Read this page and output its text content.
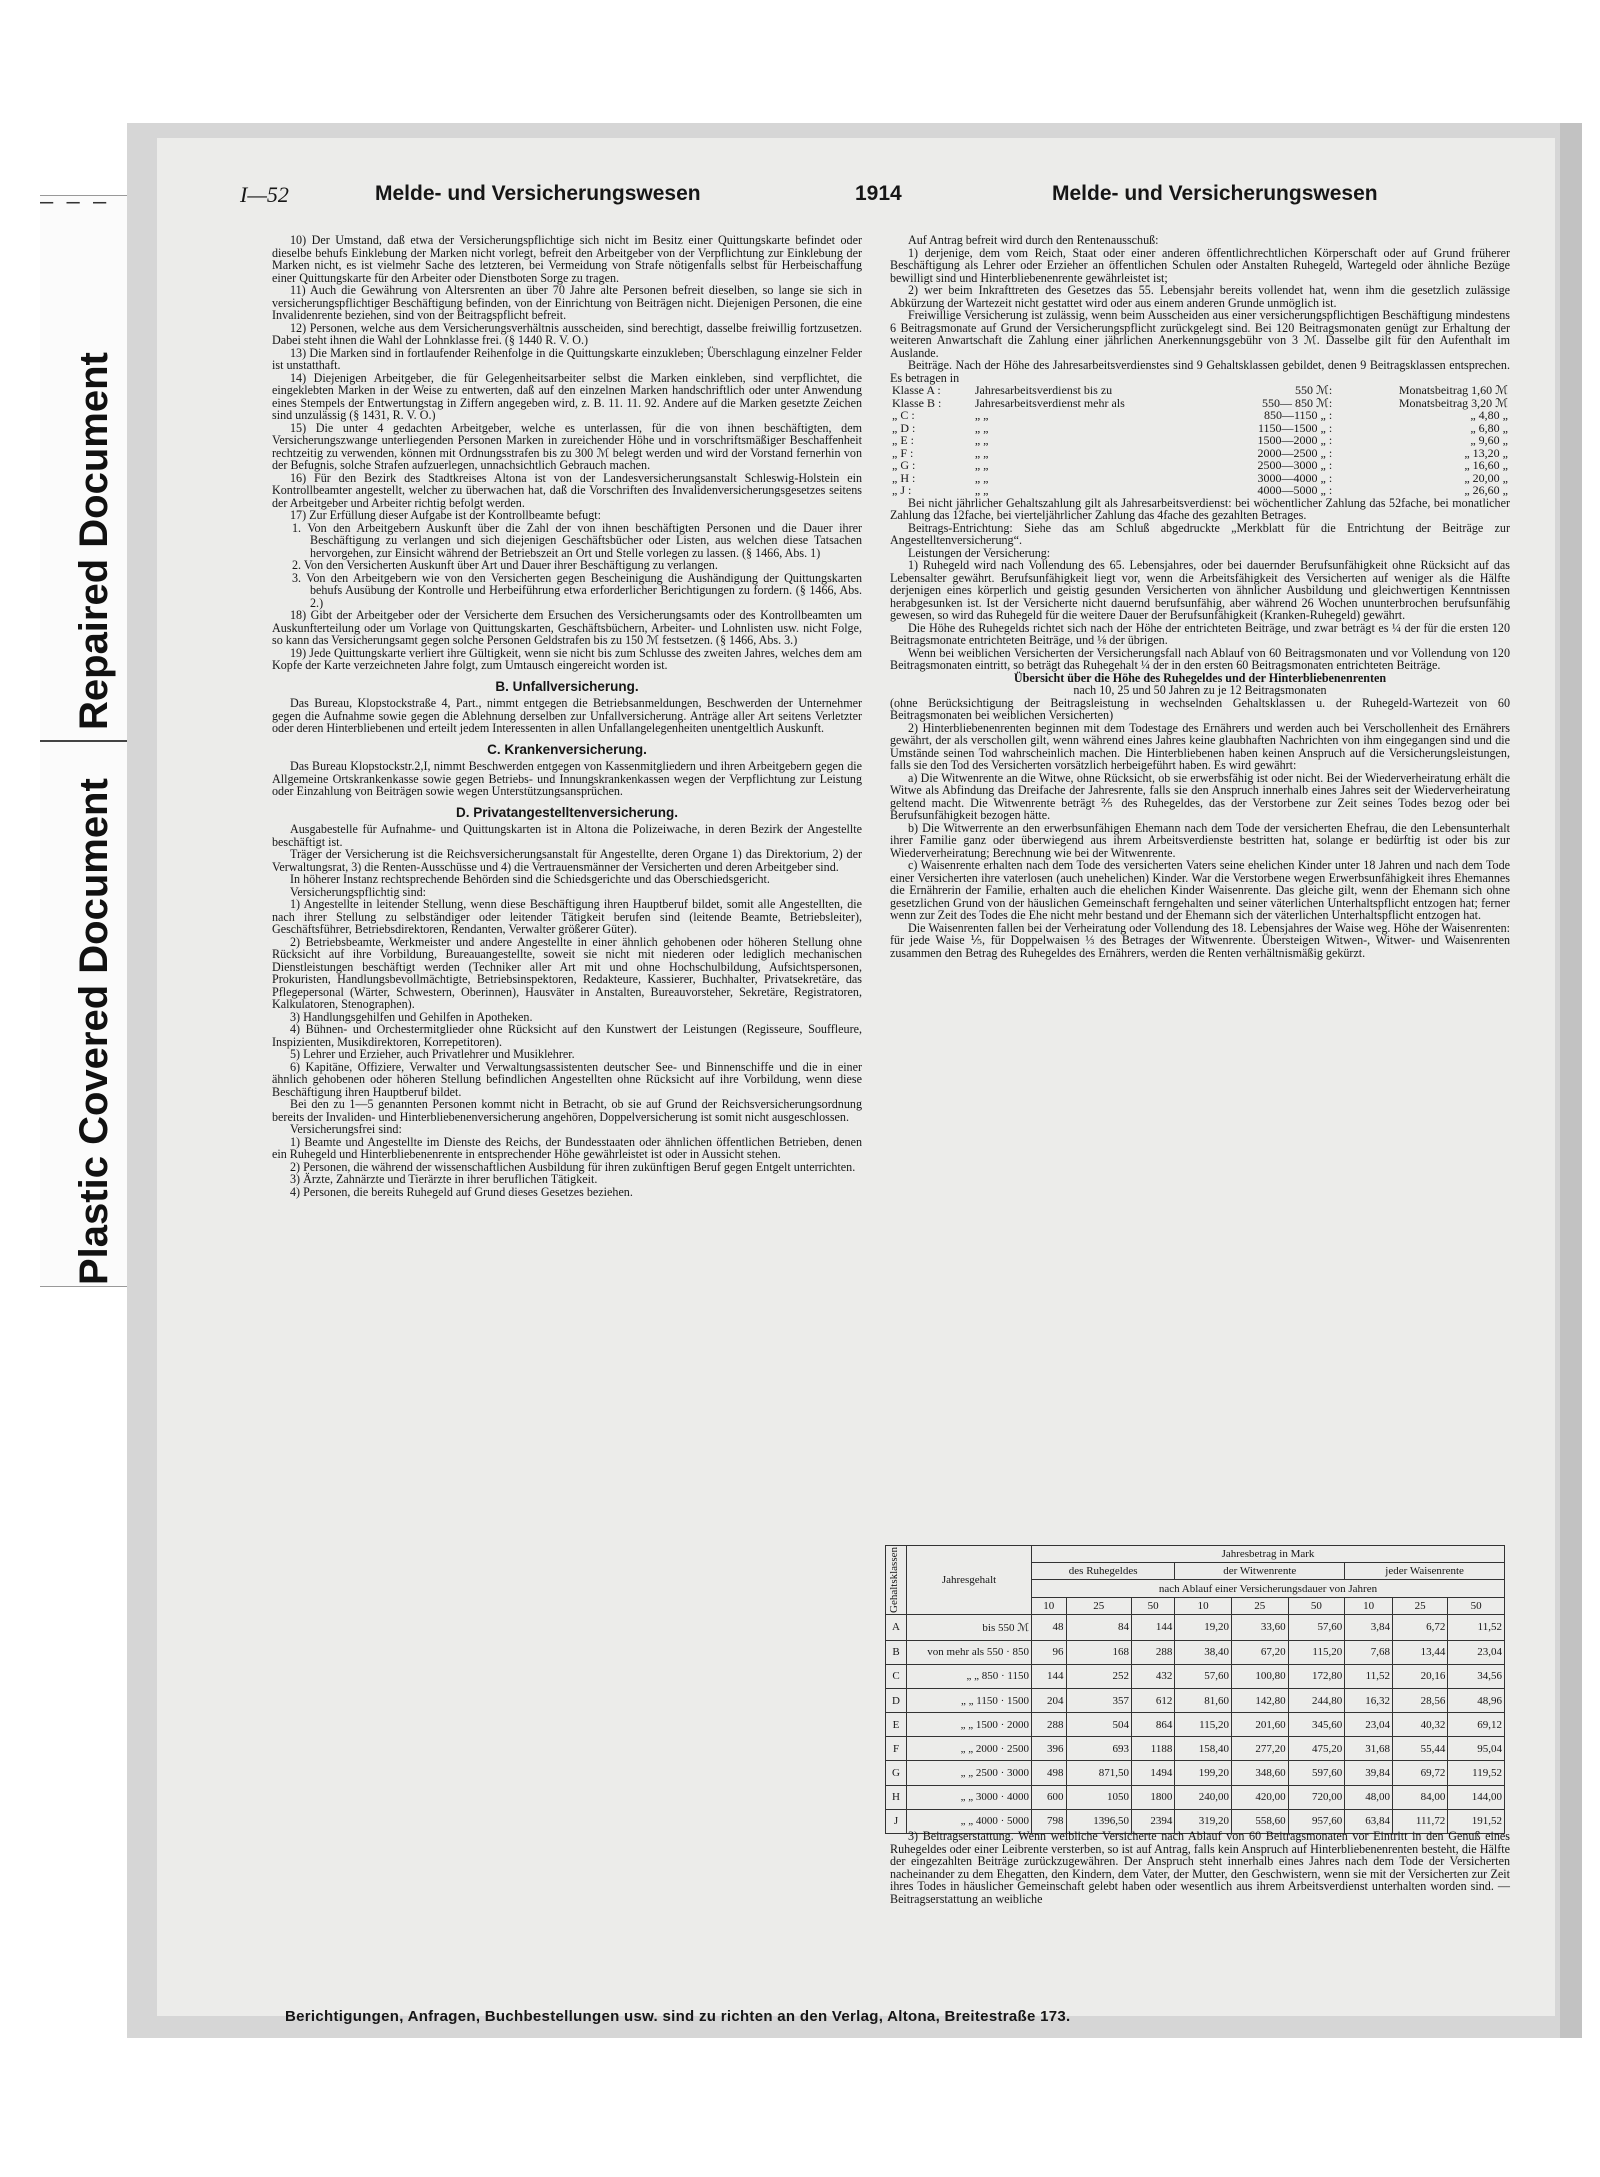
– – –
Plastic Covered Document
Repaired Document
I—52	Melde- und Versicherungswesen	1914	Melde- und Versicherungswesen

10) Der Umstand, daß etwa der Versicherungspflichtige sich nicht im Besitz einer Quittungskarte befindet oder dieselbe behufs Einklebung der Marken nicht vorlegt, befreit den Arbeitgeber von der Verpflichtung zur Einklebung der Marken nicht, es ist vielmehr Sache des letzteren, bei Vermeidung von Strafe nötigenfalls selbst für Herbeischaffung einer Quittungskarte für den Arbeiter oder Dienstboten Sorge zu tragen.

11) Auch die Gewährung von Altersrenten an über 70 Jahre alte Personen befreit dieselben, so lange sie sich in versicherungspflichtiger Beschäftigung befinden, von der Einrichtung von Beiträgen nicht. Diejenigen Personen, die eine Invalidenrente beziehen, sind von der Beitragspflicht befreit.

12) Personen, welche aus dem Versicherungsverhältnis ausscheiden, sind berechtigt, dasselbe freiwillig fortzusetzen. Dabei steht ihnen die Wahl der Lohnklasse frei. (§ 1440 R. V. O.)

13) Die Marken sind in fortlaufender Reihenfolge in die Quittungskarte einzukleben; Überschlagung einzelner Felder ist unstatthaft.

14) Diejenigen Arbeitgeber, die für Gelegenheitsarbeiter selbst die Marken einkleben, sind verpflichtet, die eingeklebten Marken in der Weise zu entwerten, daß auf den einzelnen Marken handschriftlich oder unter Anwendung eines Stempels der Entwertungstag in Ziffern angegeben wird, z. B. 11. 11. 92. Andere auf die Marken gesetzte Zeichen sind unzulässig (§ 1431, R. V. O.)

15) Die unter 4 gedachten Arbeitgeber, welche es unterlassen, für die von ihnen beschäftigten, dem Versicherungszwange unterliegenden Personen Marken in zureichender Höhe und in vorschriftsmäßiger Beschaffenheit rechtzeitig zu verwenden, können mit Ordnungsstrafen bis zu 300 ℳ belegt werden und wird der Vorstand fernerhin von der Befugnis, solche Strafen aufzuerlegen, unnachsichtlich Gebrauch machen.

16) Für den Bezirk des Stadtkreises Altona ist von der Landesversicherungsanstalt Schleswig-Holstein ein Kontrollbeamter angestellt, welcher zu überwachen hat, daß die Vorschriften des Invalidenversicherungsgesetzes seitens der Arbeitgeber und Arbeiter richtig befolgt werden.

17) Zur Erfüllung dieser Aufgabe ist der Kontrollbeamte befugt:

1. Von den Arbeitgebern Auskunft über die Zahl der von ihnen beschäftigten Personen und die Dauer ihrer Beschäftigung zu verlangen und sich diejenigen Geschäftsbücher oder Listen, aus welchen diese Tatsachen hervorgehen, zur Einsicht während der Betriebszeit an Ort und Stelle vorlegen zu lassen. (§ 1466, Abs. 1)

2. Von den Versicherten Auskunft über Art und Dauer ihrer Beschäftigung zu verlangen.

3. Von den Arbeitgebern wie von den Versicherten gegen Bescheinigung die Aushändigung der Quittungskarten behufs Ausübung der Kontrolle und Herbeiführung etwa erforderlicher Berichtigungen zu fordern. (§ 1466, Abs. 2.)

18) Gibt der Arbeitgeber oder der Versicherte dem Ersuchen des Versicherungsamts oder des Kontrollbeamten um Auskunfterteilung oder um Vorlage von Quittungskarten, Geschäftsbüchern, Arbeiter- und Lohnlisten usw. nicht Folge, so kann das Versicherungsamt gegen solche Personen Geldstrafen bis zu 150 ℳ festsetzen. (§ 1466, Abs. 3.)

19) Jede Quittungskarte verliert ihre Gültigkeit, wenn sie nicht bis zum Schlusse des zweiten Jahres, welches dem am Kopfe der Karte verzeichneten Jahre folgt, zum Umtausch eingereicht worden ist.

B. Unfallversicherung.

Das Bureau, Klopstockstraße 4, Part., nimmt entgegen die Betriebsanmeldungen, Beschwerden der Unternehmer gegen die Aufnahme sowie gegen die Ablehnung derselben zur Unfallversicherung. Anträge aller Art seitens Verletzter oder deren Hinterbliebenen und erteilt jedem Interessenten in allen Unfallangelegenheiten unentgeltlich Auskunft.

C. Krankenversicherung.

Das Bureau Klopstockstr.2,I, nimmt Beschwerden entgegen von Kassenmitgliedern und ihren Arbeitgebern gegen die Allgemeine Ortskrankenkasse sowie gegen Betriebs- und Innungskrankenkassen wegen der Verpflichtung zur Leistung oder Einzahlung von Beiträgen sowie wegen Unterstützungsansprüchen.

D. Privatangestelltenversicherung.

Ausgabestelle für Aufnahme- und Quittungskarten ist in Altona die Polizeiwache, in deren Bezirk der Angestellte beschäftigt ist.

Träger der Versicherung ist die Reichsversicherungsanstalt für Angestellte, deren Organe 1) das Direktorium, 2) der Verwaltungsrat, 3) die Renten-Ausschüsse und 4) die Vertrauensmänner der Versicherten und deren Arbeitgeber sind.

In höherer Instanz rechtsprechende Behörden sind die Schiedsgerichte und das Oberschiedsgericht.

Versicherungspflichtig sind:

1) Angestellte in leitender Stellung, wenn diese Beschäftigung ihren Hauptberuf bildet, somit alle Angestellten, die nach ihrer Stellung zu selbständiger oder leitender Tätigkeit berufen sind (leitende Beamte, Betriebsleiter), Geschäftsführer, Betriebsdirektoren, Rendanten, Verwalter größerer Güter).

2) Betriebsbeamte, Werkmeister und andere Angestellte in einer ähnlich gehobenen oder höheren Stellung ohne Rücksicht auf ihre Vorbildung, Bureauangestellte, soweit sie nicht mit niederen oder lediglich mechanischen Dienstleistungen beschäftigt werden (Techniker aller Art mit und ohne Hochschulbildung, Aufsichtspersonen, Prokuristen, Handlungsbevollmächtigte, Betriebsinspektoren, Redakteure, Kassierer, Buchhalter, Privatsekretäre, das Pflegepersonal (Wärter, Schwestern, Oberinnen), Hausväter in Anstalten, Bureauvorsteher, Sekretäre, Registratoren, Kalkulatoren, Stenographen).

3) Handlungsgehilfen und Gehilfen in Apotheken.

4) Bühnen- und Orchestermitglieder ohne Rücksicht auf den Kunstwert der Leistungen (Regisseure, Souffleure, Inspizienten, Musikdirektoren, Korrepetitoren).

5) Lehrer und Erzieher, auch Privatlehrer und Musiklehrer.

6) Kapitäne, Offiziere, Verwalter und Verwaltungsassistenten deutscher See- und Binnenschiffe und die in einer ähnlich gehobenen oder höheren Stellung befindlichen Angestellten ohne Rücksicht auf ihre Vorbildung, wenn diese Beschäftigung ihren Hauptberuf bildet.

Bei den zu 1—5 genannten Personen kommt nicht in Betracht, ob sie auf Grund der Reichsversicherungsordnung bereits der Invaliden- und Hinterbliebenenversicherung angehören, Doppelversicherung ist somit nicht ausgeschlossen.

Versicherungsfrei sind:

1) Beamte und Angestellte im Dienste des Reichs, der Bundesstaaten oder ähnlichen öffentlichen Betrieben, denen ein Ruhegeld und Hinterbliebenenrente in entsprechender Höhe gewährleistet ist oder in Aussicht stehen.

2) Personen, die während der wissenschaftlichen Ausbildung für ihren zukünftigen Beruf gegen Entgelt unterrichten.

3) Ärzte, Zahnärzte und Tierärzte in ihrer beruflichen Tätigkeit.

4) Personen, die bereits Ruhegeld auf Grund dieses Gesetzes beziehen.

Auf Antrag befreit wird durch den Rentenausschuß:

1) derjenige, dem vom Reich, Staat oder einer anderen öffentlichrechtlichen Körperschaft oder auf Grund früherer Beschäftigung als Lehrer oder Erzieher an öffentlichen Schulen oder Anstalten Ruhegeld, Wartegeld oder ähnliche Bezüge bewilligt sind und Hinterbliebenenrente gewährleistet ist;

2) wer beim Inkrafttreten des Gesetzes das 55. Lebensjahr bereits vollendet hat, wenn ihm die gesetzlich zulässige Abkürzung der Wartezeit nicht gestattet wird oder aus einem anderen Grunde unmöglich ist.

Freiwillige Versicherung ist zulässig, wenn beim Ausscheiden aus einer versicherungspflichtigen Beschäftigung mindestens 6 Beitragsmonate auf Grund der Versicherungspflicht zurückgelegt sind. Bei 120 Beitragsmonaten genügt zur Erhaltung der weiteren Anwartschaft die Zahlung einer jährlichen Anerkennungsgebühr von 3 ℳ. Dasselbe gilt für den Aufenthalt im Auslande.

Beiträge. Nach der Höhe des Jahresarbeitsverdienstes sind 9 Gehaltsklassen gebildet, denen 9 Beitragsklassen entsprechen. Es betragen in

Klasse A :	Jahresarbeitsverdienst bis zu	550 ℳ:	Monatsbeitrag 1,60 ℳ
Klasse B :	Jahresarbeitsverdienst mehr als	550— 850 ℳ:	Monatsbeitrag 3,20 ℳ
„ C :	„ „	850—1150 „ :	„ 4,80 „
„ D :	„ „	1150—1500 „ :	„ 6,80 „
„ E :	„ „	1500—2000 „ :	„ 9,60 „
„ F :	„ „	2000—2500 „ :	„ 13,20 „
„ G :	„ „	2500—3000 „ :	„ 16,60 „
„ H :	„ „	3000—4000 „ :	„ 20,00 „
„ J :	„ „	4000—5000 „ :	„ 26,60 „

Bei nicht jährlicher Gehaltszahlung gilt als Jahresarbeitsverdienst: bei wöchentlicher Zahlung das 52fache, bei monatlicher Zahlung das 12fache, bei vierteljährlicher Zahlung das 4fache des gezahlten Betrages.

Beitrags-Entrichtung: Siehe das am Schluß abgedruckte „Merkblatt für die Entrichtung der Beiträge zur Angestelltenversicherung“.

Leistungen der Versicherung:

1) Ruhegeld wird nach Vollendung des 65. Lebensjahres, oder bei dauernder Berufsunfähigkeit ohne Rücksicht auf das Lebensalter gewährt. Berufsunfähigkeit liegt vor, wenn die Arbeitsfähigkeit des Versicherten auf weniger als die Hälfte derjenigen eines körperlich und geistig gesunden Versicherten von ähnlicher Ausbildung und gleichwertigen Kenntnissen herabgesunken ist. Ist der Versicherte nicht dauernd berufsunfähig, aber während 26 Wochen ununterbrochen berufsunfähig gewesen, so wird das Ruhegeld für die weitere Dauer der Berufsunfähigkeit (Kranken-Ruhegeld) gewährt.

Die Höhe des Ruhegelds richtet sich nach der Höhe der entrichteten Beiträge, und zwar beträgt es ¼ der für die ersten 120 Beitragsmonate entrichteten Beiträge, und ⅛ der übrigen.

Wenn bei weiblichen Versicherten der Versicherungsfall nach Ablauf von 60 Beitragsmonaten und vor Vollendung von 120 Beitragsmonaten eintritt, so beträgt das Ruhegehalt ¼ der in den ersten 60 Beitragsmonaten entrichteten Beiträge.

Übersicht über die Höhe des Ruhegeldes und der Hinterbliebenenrenten

nach 10, 25 und 50 Jahren zu je 12 Beitragsmonaten

(ohne Berücksichtigung der Beitragsleistung in wechselnden Gehaltsklassen u. der Ruhegeld-Wartezeit von 60 Beitragsmonaten bei weiblichen Versicherten)

2) Hinterbliebenenrenten beginnen mit dem Todestage des Ernährers und werden auch bei Verschollenheit des Ernährers gewährt, der als verschollen gilt, wenn während eines Jahres keine glaubhaften Nachrichten von ihm eingegangen sind und die Umstände seinen Tod wahrscheinlich machen. Die Hinterbliebenen haben keinen Anspruch auf die Versicherungsleistungen, falls sie den Tod des Versicherten vorsätzlich herbeigeführt haben. Es wird gewährt:

a) Die Witwenrente an die Witwe, ohne Rücksicht, ob sie erwerbsfähig ist oder nicht. Bei der Wiederverheiratung erhält die Witwe als Abfindung das Dreifache der Jahresrente, falls sie den Anspruch innerhalb eines Jahres seit der Wiederverheiratung geltend macht. Die Witwenrente beträgt ⅖ des Ruhegeldes, das der Verstorbene zur Zeit seines Todes bezog oder bei Berufsunfähigkeit bezogen hätte.

b) Die Witwerrente an den erwerbsunfähigen Ehemann nach dem Tode der versicherten Ehefrau, die den Lebensunterhalt ihrer Familie ganz oder überwiegend aus ihrem Arbeitsverdienste bestritten hat, solange er bedürftig ist oder bis zur Wiederverheiratung; Berechnung wie bei der Witwenrente.

c) Waisenrente erhalten nach dem Tode des versicherten Vaters seine ehelichen Kinder unter 18 Jahren und nach dem Tode einer Versicherten ihre vaterlosen (auch unehelichen) Kinder. War die Verstorbene wegen Erwerbsunfähigkeit ihres Ehemannes die Ernährerin der Familie, erhalten auch die ehelichen Kinder Waisenrente. Das gleiche gilt, wenn der Ehemann sich ohne gesetzlichen Grund von der häuslichen Gemeinschaft ferngehalten und seiner väterlichen Unterhaltspflicht entzogen hat; ferner wenn zur Zeit des Todes die Ehe nicht mehr bestand und der Ehemann sich der väterlichen Unterhaltspflicht entzogen hat.

Die Waisenrenten fallen bei der Verheiratung oder Vollendung des 18. Lebensjahres der Waise weg. Höhe der Waisenrenten: für jede Waise ⅕, für Doppelwaisen ⅓ des Betrages der Witwenrente. Übersteigen Witwen-, Witwer- und Waisenrenten zusammen den Betrag des Ruhegeldes des Ernährers, werden die Renten verhältnismäßig gekürzt.

Gehaltsklassen	Jahresgehalt	Jahresbetrag in Mark								
		des Ruhegeldes			der Witwenrente			jeder Waisenrente		
		nach Ablauf einer Versicherungsdauer von Jahren								
		10	25	50	10	25	50	10	25	50
A	bis 550 ℳ	48	84	144	19,20	33,60	57,60	3,84	6,72	11,52
B	von mehr als 550 · 850	96	168	288	38,40	67,20	115,20	7,68	13,44	23,04
C	„ „ 850 · 1150	144	252	432	57,60	100,80	172,80	11,52	20,16	34,56
D	„ „ 1150 · 1500	204	357	612	81,60	142,80	244,80	16,32	28,56	48,96
E	„ „ 1500 · 2000	288	504	864	115,20	201,60	345,60	23,04	40,32	69,12
F	„ „ 2000 · 2500	396	693	1188	158,40	277,20	475,20	31,68	55,44	95,04
G	„ „ 2500 · 3000	498	871,50	1494	199,20	348,60	597,60	39,84	69,72	119,52
H	„ „ 3000 · 4000	600	1050	1800	240,00	420,00	720,00	48,00	84,00	144,00
J	„ „ 4000 · 5000	798	1396,50	2394	319,20	558,60	957,60	63,84	111,72	191,52

3) Beitragserstattung. Wenn weibliche Versicherte nach Ablauf von 60 Beitragsmonaten vor Eintritt in den Genuß eines Ruhegeldes oder einer Leibrente versterben, so ist auf Antrag, falls kein Anspruch auf Hinterbliebenenrenten besteht, die Hälfte der eingezahlten Beiträge zurückzugewähren. Der Anspruch steht innerhalb eines Jahres nach dem Tode der Versicherten nacheinander zu dem Ehegatten, den Kindern, dem Vater, der Mutter, den Geschwistern, wenn sie mit der Versicherten zur Zeit ihres Todes in häuslicher Gemeinschaft gelebt haben oder wesentlich aus ihrem Arbeitsverdienst unterhalten worden sind. — Beitragserstattung an weibliche

Berichtigungen, Anfragen, Buchbestellungen usw. sind zu richten an den Verlag, Altona, Breitestraße 173.
